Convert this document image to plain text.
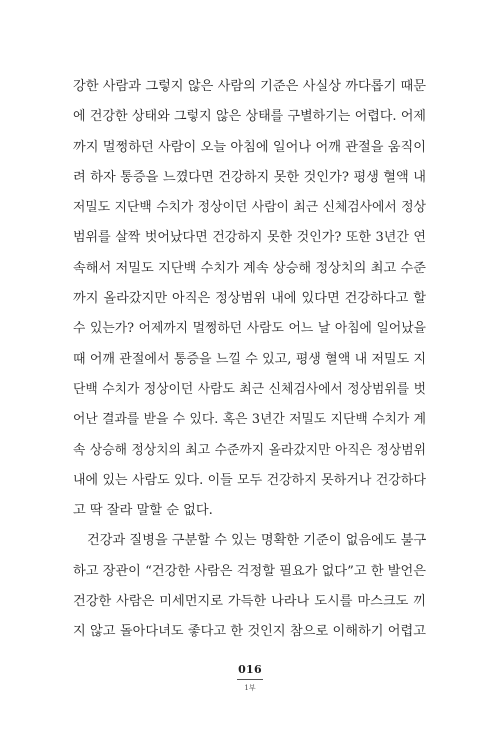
강한 사람과 그렇지 않은 사람의 기준은 사실상 까다롭기 때문
에 건강한 상태와 그렇지 않은 상태를 구별하기는 어렵다. 어제
까지 멀쩡하던 사람이 오늘 아침에 일어나 어깨 관절을 움직이
려 하자 통증을 느꼈다면 건강하지 못한 것인가? 평생 혈액 내
저밀도 지단백 수치가 정상이던 사람이 최근 신체검사에서 정상
범위를 살짝 벗어났다면 건강하지 못한 것인가? 또한 3년간 연
속해서 저밀도 지단백 수치가 계속 상승해 정상치의 최고 수준
까지 올라갔지만 아직은 정상범위 내에 있다면 건강하다고 할
수 있는가? 어제까지 멀쩡하던 사람도 어느 날 아침에 일어났을
때 어깨 관절에서 통증을 느낄 수 있고, 평생 혈액 내 저밀도 지
단백 수치가 정상이던 사람도 최근 신체검사에서 정상범위를 벗
어난 결과를 받을 수 있다. 혹은 3년간 저밀도 지단백 수치가 계
속 상승해 정상치의 최고 수준까지 올라갔지만 아직은 정상범위
내에 있는 사람도 있다. 이들 모두 건강하지 못하거나 건강하다
고 딱 잘라 말할 순 없다.
건강과 질병을 구분할 수 있는 명확한 기준이 없음에도 불구
하고 장관이 “건강한 사람은 걱정할 필요가 없다”고 한 발언은
건강한 사람은 미세먼지로 가득한 나라나 도시를 마스크도 끼
지 않고 돌아다녀도 좋다고 한 것인지 참으로 이해하기 어렵고
016
1부
